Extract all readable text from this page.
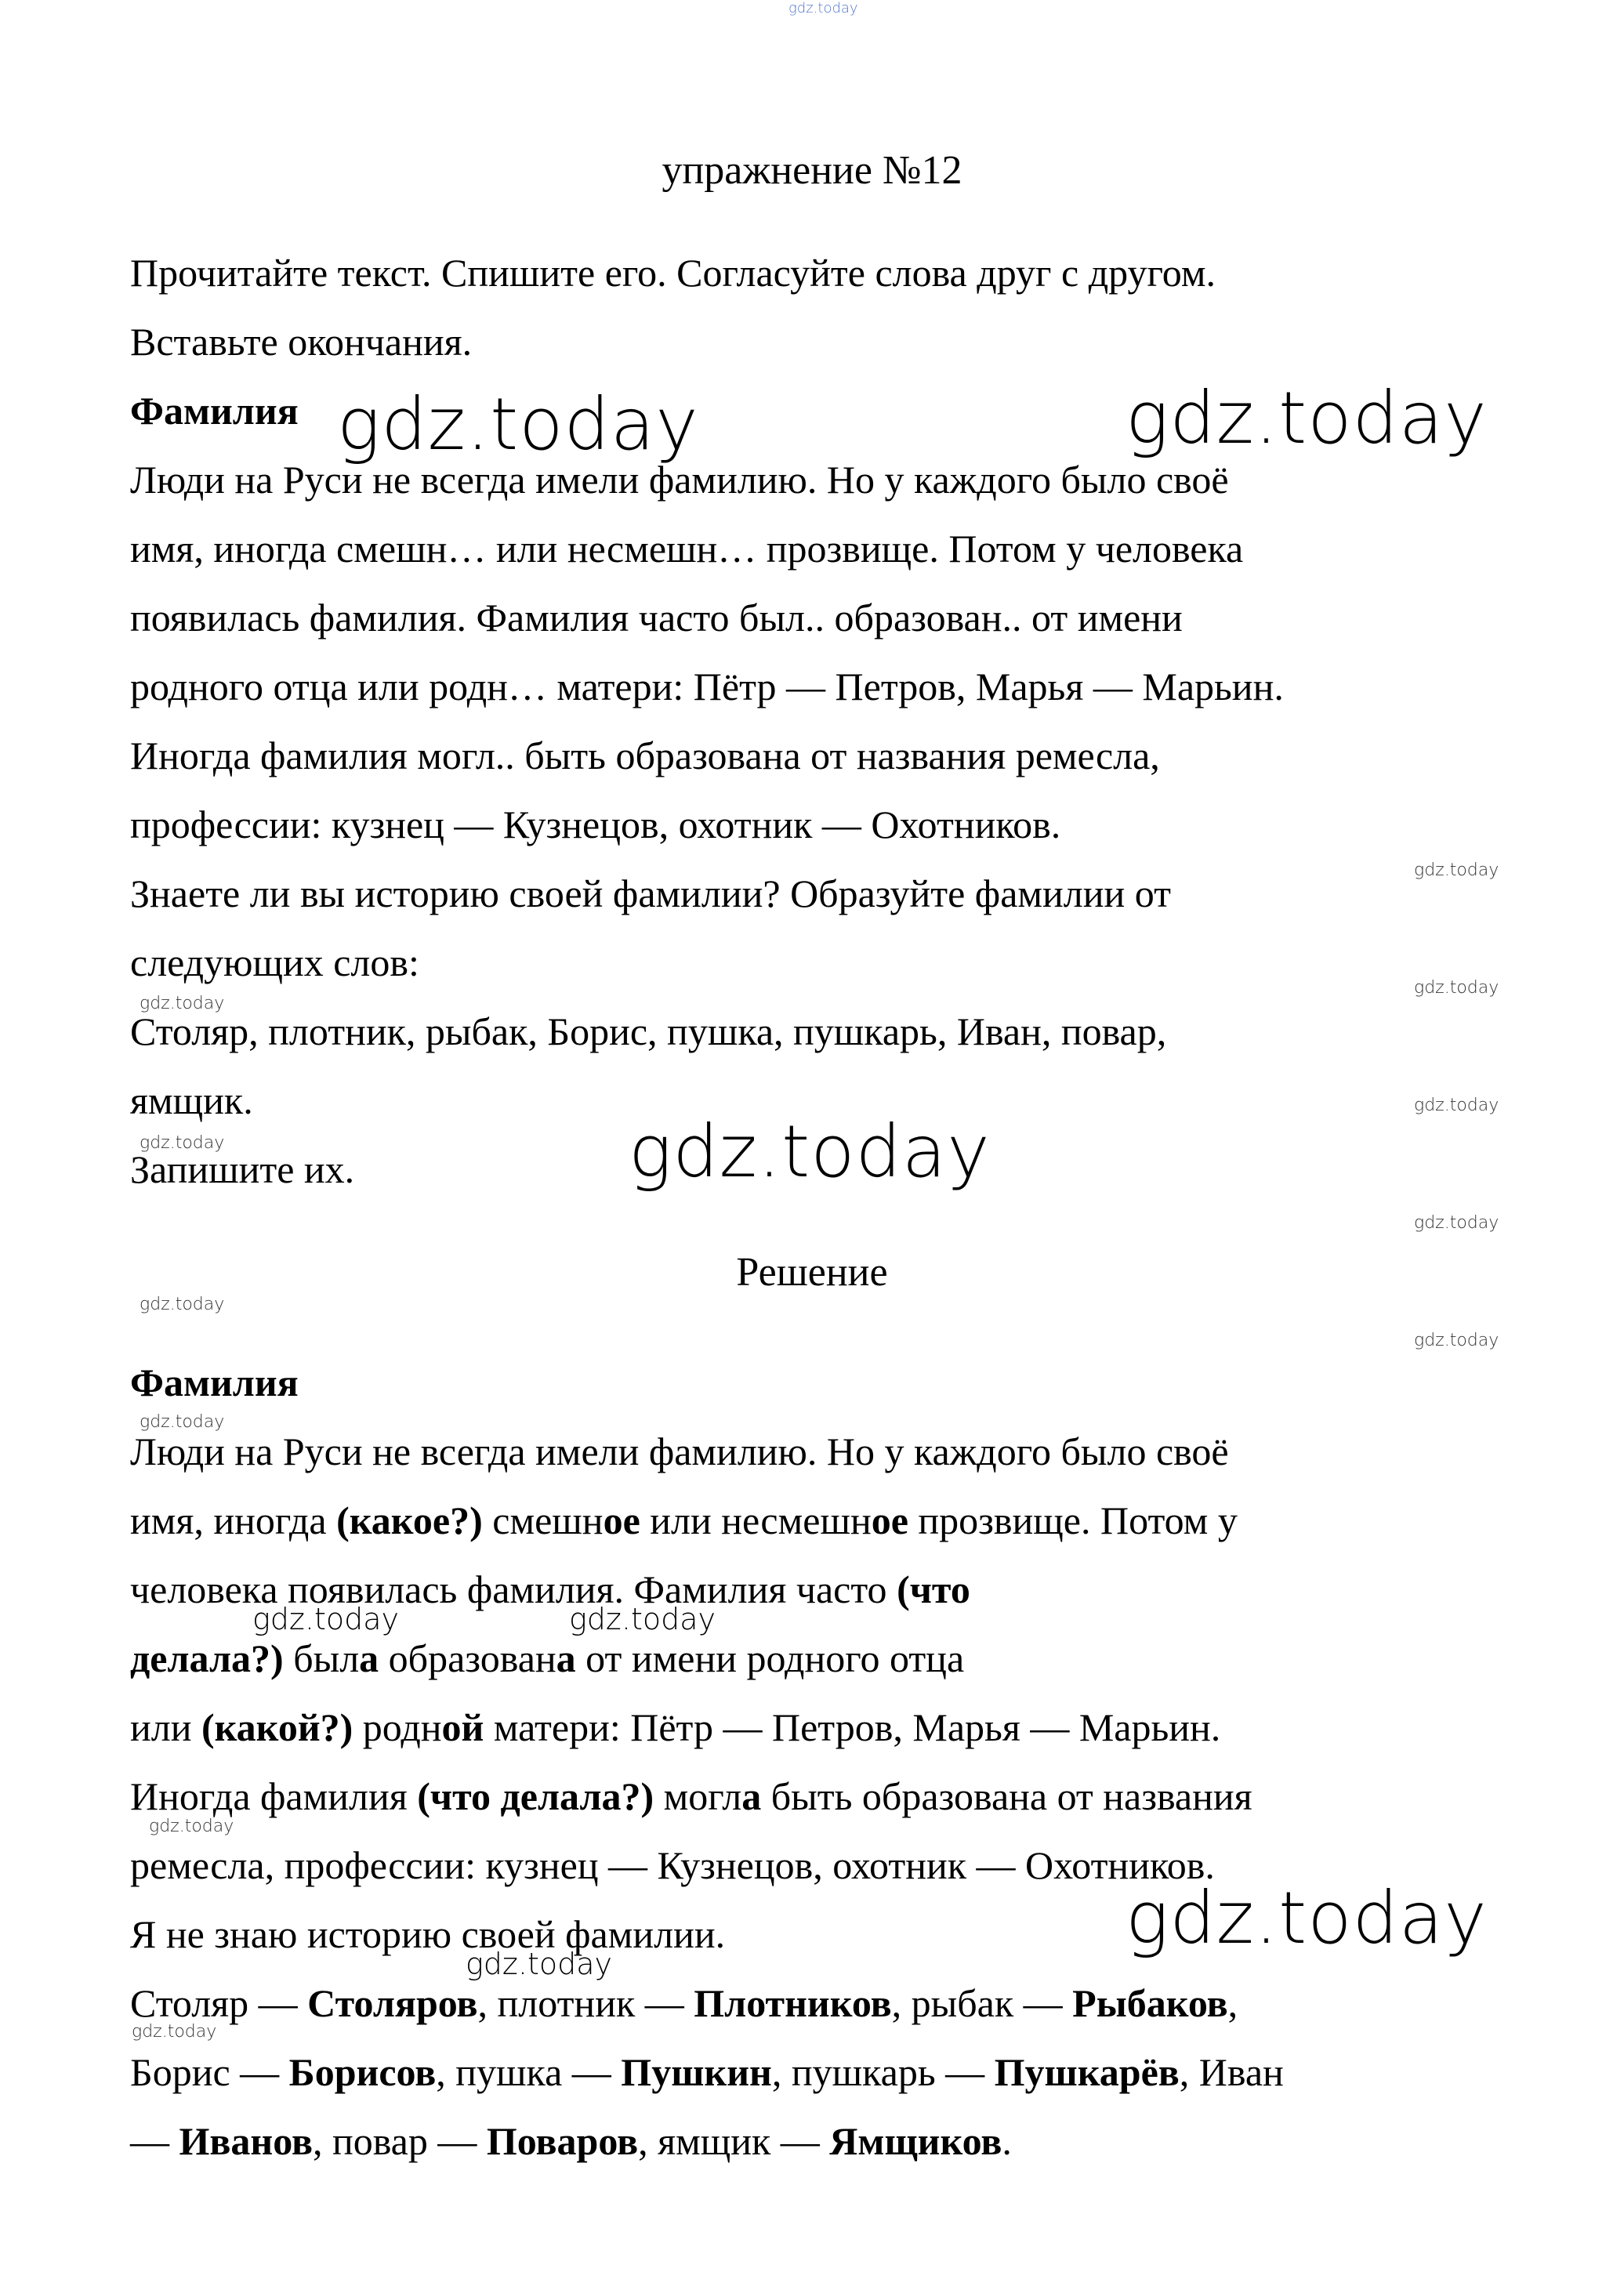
gdz.today
упражнение №12
Прочитайте текст. Спишите его. Согласуйте слова друг с другом.
Вставьте окончания.
Фамилия
Люди на Руси не всегда имели фамилию. Но у каждого было своё
имя, иногда смешн… или несмешн… прозвище. Потом у человека
появилась фамилия. Фамилия часто был.. образован.. от имени
родного отца или родн… матери: Пётр — Петров, Марья — Марьин.
Иногда фамилия могл.. быть образована от названия ремесла,
профессии: кузнец — Кузнецов, охотник — Охотников.
Знаете ли вы историю своей фамилии? Образуйте фамилии от
следующих слов:
Столяр, плотник, рыбак, Борис, пушка, пушкарь, Иван, повар,
ямщик.
Запишите их.
Решение
Фамилия
Люди на Руси не всегда имели фамилию. Но у каждого было своё
имя, иногда (какое?) смешное или несмешное прозвище. Потом у
человека появилась фамилия. Фамилия часто (что
делала?) была образована от имени родного отца
или (какой?) родной матери: Пётр — Петров, Марья — Марьин.
Иногда фамилия (что делала?) могла быть образована от названия
ремесла, профессии: кузнец — Кузнецов, охотник — Охотников.
Я не знаю историю своей фамилии.
Столяр — Столяров, плотник — Плотников, рыбак — Рыбаков,
Борис — Борисов, пушка — Пушкин, пушкарь — Пушкарёв, Иван
— Иванов, повар — Поваров, ямщик — Ямщиков.
gdz.today	gdz.today
gdz.today
gdz.today
gdz.today	gdz.today
gdz.today
gdz.today
gdz.today
gdz.today
gdz.today
gdz.today
gdz.today
gdz.today
gdz.today
gdz.today
gdz.today
gdz.today
